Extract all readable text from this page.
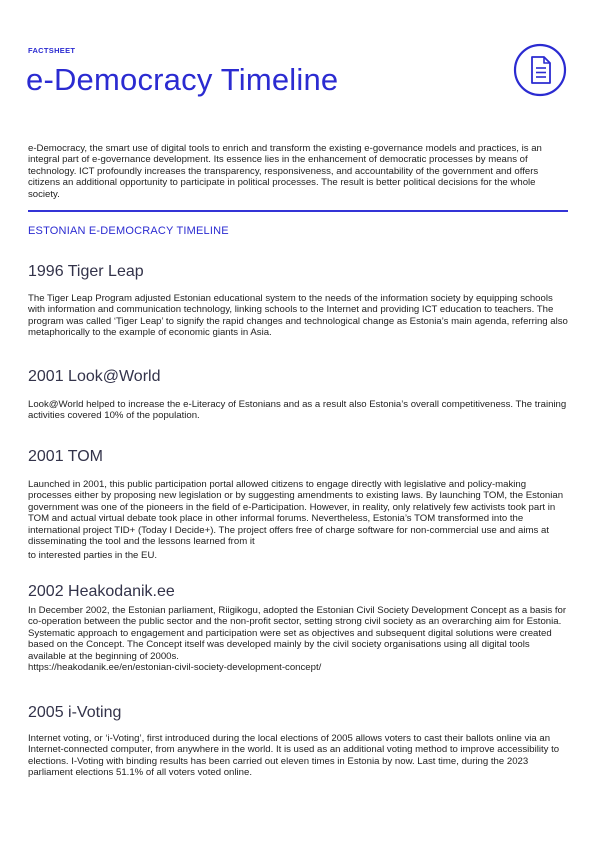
FACTSHEET
e-Democracy Timeline

e-Democracy, the smart use of digital tools to enrich and transform the existing e-governance models and practices, is an integral part of e-governance development. Its essence lies in the enhancement of democratic processes by means of technology. ICT profoundly increases the transparency, responsiveness, and accountability of the government and offers citizens an additional opportunity to participate in political processes. The result is better political decisions for the whole society.

ESTONIAN E-DEMOCRACY TIMELINE
1996 Tiger Leap

The Tiger Leap Program adjusted Estonian educational system to the needs of the information society by equipping schools with information and communication technology, linking schools to the Internet and providing ICT education to teachers. The program was called ‘Tiger Leap’ to signify the rapid changes and technological change as Estonia’s main agenda, referring also metaphorically to the example of economic giants in Asia.

2001 Look@World

Look@World helped to increase the e-Literacy of Estonians and as a result also Estonia’s overall competitiveness. The training activities covered 10% of the population.

2001 TOM

Launched in 2001, this public participation portal allowed citizens to engage directly with legislative and policy-making processes either by proposing new legislation or by suggesting amendments to existing laws. By launching TOM, the Estonian government was one of the pioneers in the field of e-Participation. However, in reality, only relatively few activists took part in TOM and actual virtual debate took place in other informal forums. Nevertheless, Estonia’s TOM transformed into the international project TID+ (Today I Decide+). The project offers free of charge software for non-commercial use and aims at disseminating the tool and the lessons learned from it

to interested parties in the EU.

2002 Heakodanik.ee

In December 2002, the Estonian parliament, Riigikogu, adopted the Estonian Civil Society Development Concept as a basis for co-operation between the public sector and the non-profit sector, setting strong civil society as an overarching aim for Estonia. Systematic approach to engagement and participation were set as objectives and subsequent digital solutions were created based on the Concept. The Concept itself was developed mainly by the civil society organisations using all digital tools available at the beginning of 2000s.

https://heakodanik.ee/en/estonian-civil-society-development-concept/

2005 i-Voting

Internet voting, or ‘i-Voting’, first introduced during the local elections of 2005 allows voters to cast their ballots online via an Internet-connected computer, from anywhere in the world. It is used as an additional voting method to improve accessibility to elections. I-Voting with binding results has been carried out eleven times in Estonia by now. Last time, during the 2023 parliament elections 51.1% of all voters voted online.
